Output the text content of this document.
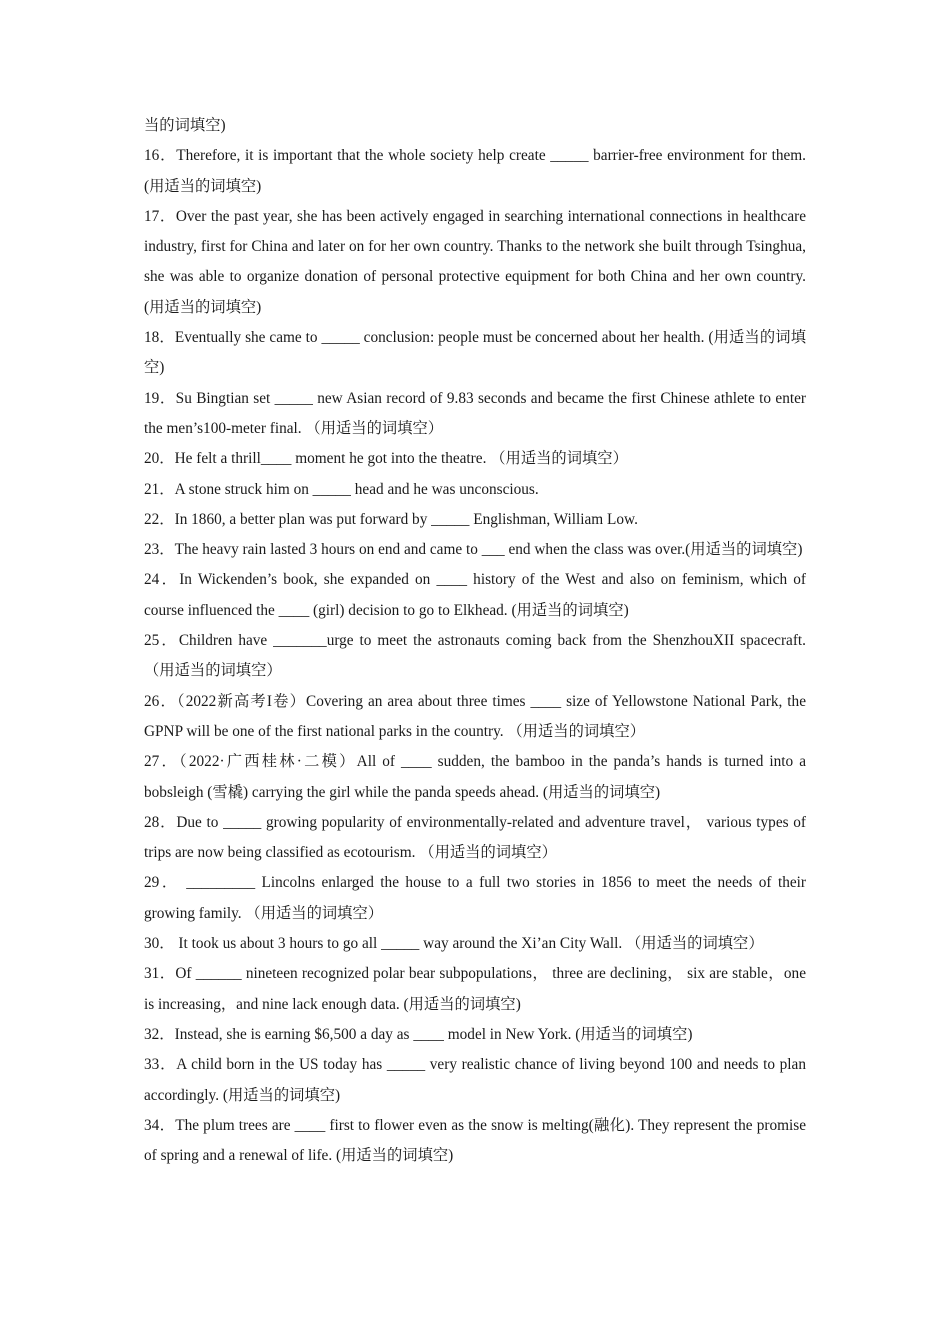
当的词填空)

16．Therefore, it is important that the whole society help create _____ barrier-free environment for them. (用适当的词填空)

17．Over the past year, she has been actively engaged in searching international connections in healthcare industry, first for China and later on for her own country. Thanks to the network she built through Tsinghua, she was able to organize donation of personal protective equipment for both China and her own country. (用适当的词填空)

18．Eventually she came to _____ conclusion: people must be concerned about her health. (用适当的词填空)

19．Su Bingtian set _____ new Asian record of 9.83 seconds and became the first Chinese athlete to enter the men’s100-meter final. （用适当的词填空）

20．He felt a thrill____ moment he got into the theatre. （用适当的词填空）

21．A stone struck him on _____ head and he was unconscious.

22．In 1860, a better plan was put forward by _____ Englishman, William Low.

23．The heavy rain lasted 3 hours on end and came to ___ end when the class was over.(用适当的词填空)

24．In Wickenden’s book, she expanded on ____ history of the West and also on feminism, which of course influenced the ____ (girl) decision to go to Elkhead. (用适当的词填空)

25．Children have _______urge to meet the astronauts coming back from the ShenzhouXII spacecraft. （用适当的词填空）

26．（2022新高考I卷）Covering an area about three times ____ size of Yellowstone National Park, the GPNP will be one of the first national parks in the country. （用适当的词填空）

27．（2022·广西桂林·二模）All of ____ sudden, the bamboo in the panda’s hands is turned into a bobsleigh (雪橇) carrying the girl while the panda speeds ahead. (用适当的词填空)

28．Due to _____ growing popularity of environmentally-related and adventure travel， various types of trips are now being classified as ecotourism. （用适当的词填空）

29． _________ Lincolns enlarged the house to a full two stories in 1856 to meet the needs of their growing family. （用适当的词填空）

30． It took us about 3 hours to go all _____ way around the Xi’an City Wall. （用适当的词填空）

31．Of ______ nineteen recognized polar bear subpopulations， three are declining， six are stable，one is increasing，and nine lack enough data. (用适当的词填空)

32．Instead, she is earning $6,500 a day as ____ model in New York. (用适当的词填空)

33．A child born in the US today has _____ very realistic chance of living beyond 100 and needs to plan accordingly. (用适当的词填空)

34．The plum trees are ____ first to flower even as the snow is melting(融化). They represent the promise of spring and a renewal of life. (用适当的词填空)
